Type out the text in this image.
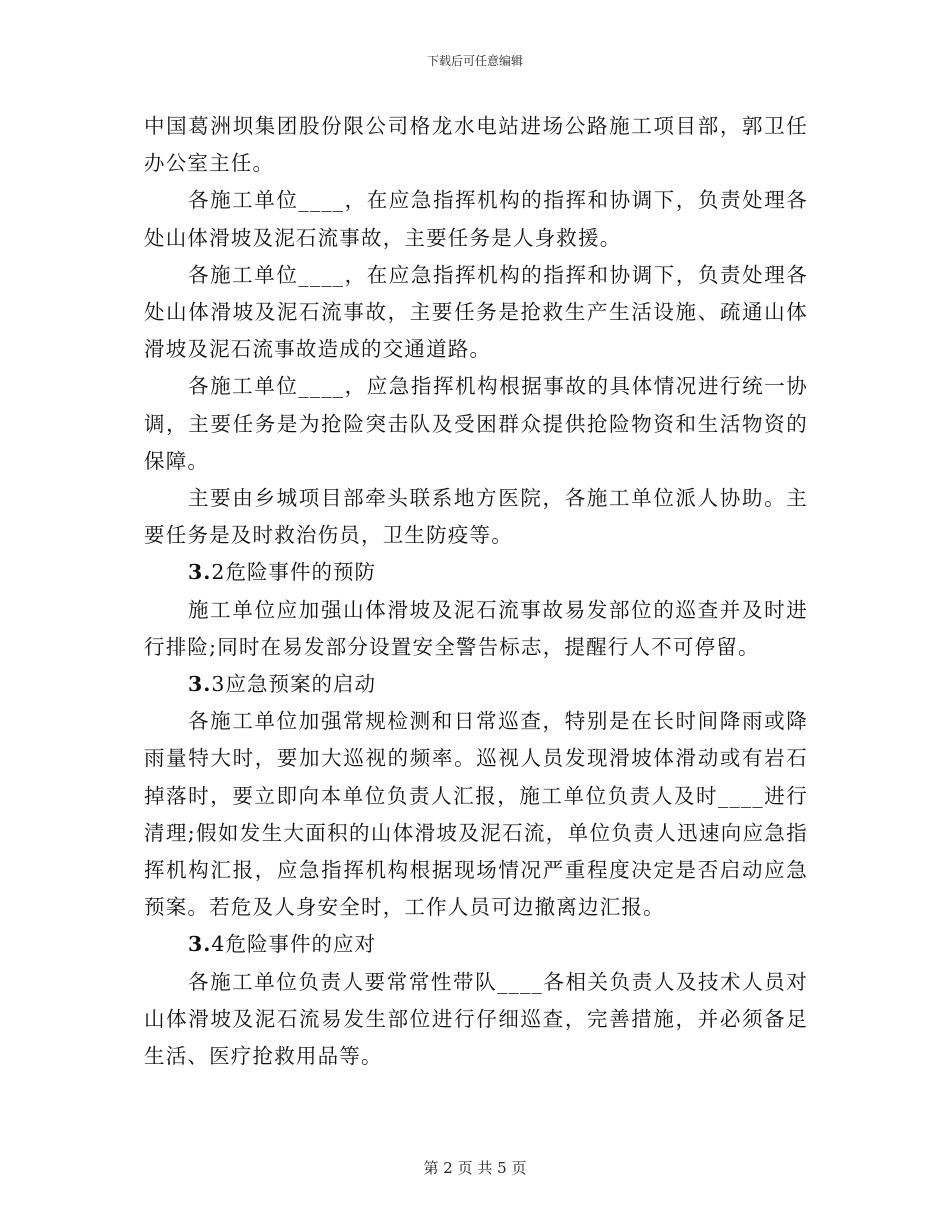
下载后可任意编辑

中国葛洲坝集团股份限公司格龙水电站进场公路施工项目部，郭卫任办公室主任。

各施工单位____，在应急指挥机构的指挥和协调下，负责处理各处山体滑坡及泥石流事故，主要任务是人身救援。

各施工单位____，在应急指挥机构的指挥和协调下，负责处理各处山体滑坡及泥石流事故，主要任务是抢救生产生活设施、疏通山体滑坡及泥石流事故造成的交通道路。

各施工单位____，应急指挥机构根据事故的具体情况进行统一协调，主要任务是为抢险突击队及受困群众提供抢险物资和生活物资的保障。

主要由乡城项目部牵头联系地方医院，各施工单位派人协助。主要任务是及时救治伤员，卫生防疫等。

3.2危险事件的预防

施工单位应加强山体滑坡及泥石流事故易发部位的巡查并及时进行排险;同时在易发部分设置安全警告标志，提醒行人不可停留。

3.3应急预案的启动

各施工单位加强常规检测和日常巡查，特别是在长时间降雨或降雨量特大时，要加大巡视的频率。巡视人员发现滑坡体滑动或有岩石掉落时，要立即向本单位负责人汇报，施工单位负责人及时____进行清理;假如发生大面积的山体滑坡及泥石流，单位负责人迅速向应急指挥机构汇报，应急指挥机构根据现场情况严重程度决定是否启动应急预案。若危及人身安全时，工作人员可边撤离边汇报。

3.4危险事件的应对

各施工单位负责人要常常性带队____各相关负责人及技术人员对山体滑坡及泥石流易发生部位进行仔细巡查，完善措施，并必须备足生活、医疗抢救用品等。

第 2 页 共 5 页
